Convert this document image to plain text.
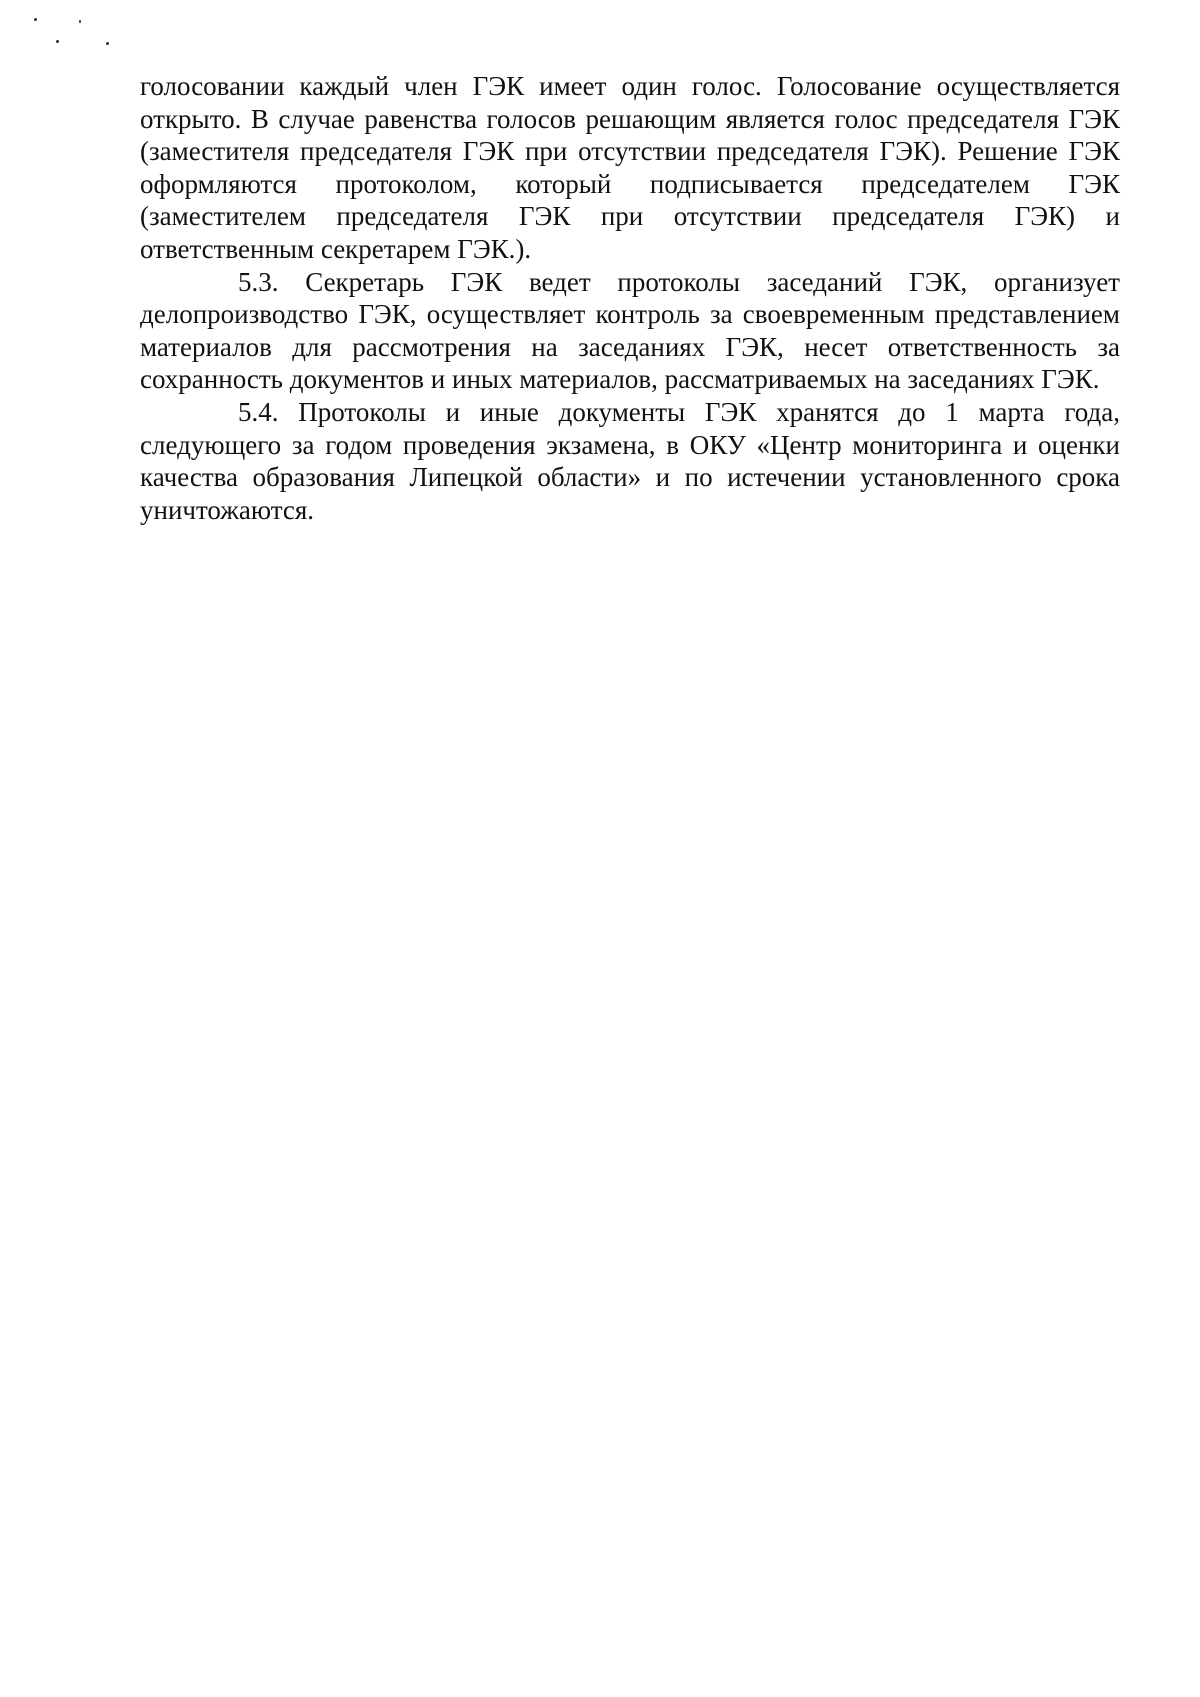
голосовании каждый член ГЭК имеет один голос. Голосование осуществляется открыто. В случае равенства голосов решающим является голос председателя ГЭК (заместителя председателя ГЭК при отсутствии председателя ГЭК). Решение ГЭК оформляются протоколом, который подписывается председателем ГЭК (заместителем председателя ГЭК при отсутствии председателя ГЭК) и ответственным секретарем ГЭК.).

5.3. Секретарь ГЭК ведет протоколы заседаний ГЭК, организует делопроизводство ГЭК, осуществляет контроль за своевременным представлением материалов для рассмотрения на заседаниях ГЭК, несет ответственность за сохранность документов и иных материалов, рассматриваемых на заседаниях ГЭК.

5.4. Протоколы и иные документы ГЭК хранятся до 1 марта года, следующего за годом проведения экзамена, в ОКУ «Центр мониторинга и оценки качества образования Липецкой области» и по истечении установленного срока уничтожаются.
